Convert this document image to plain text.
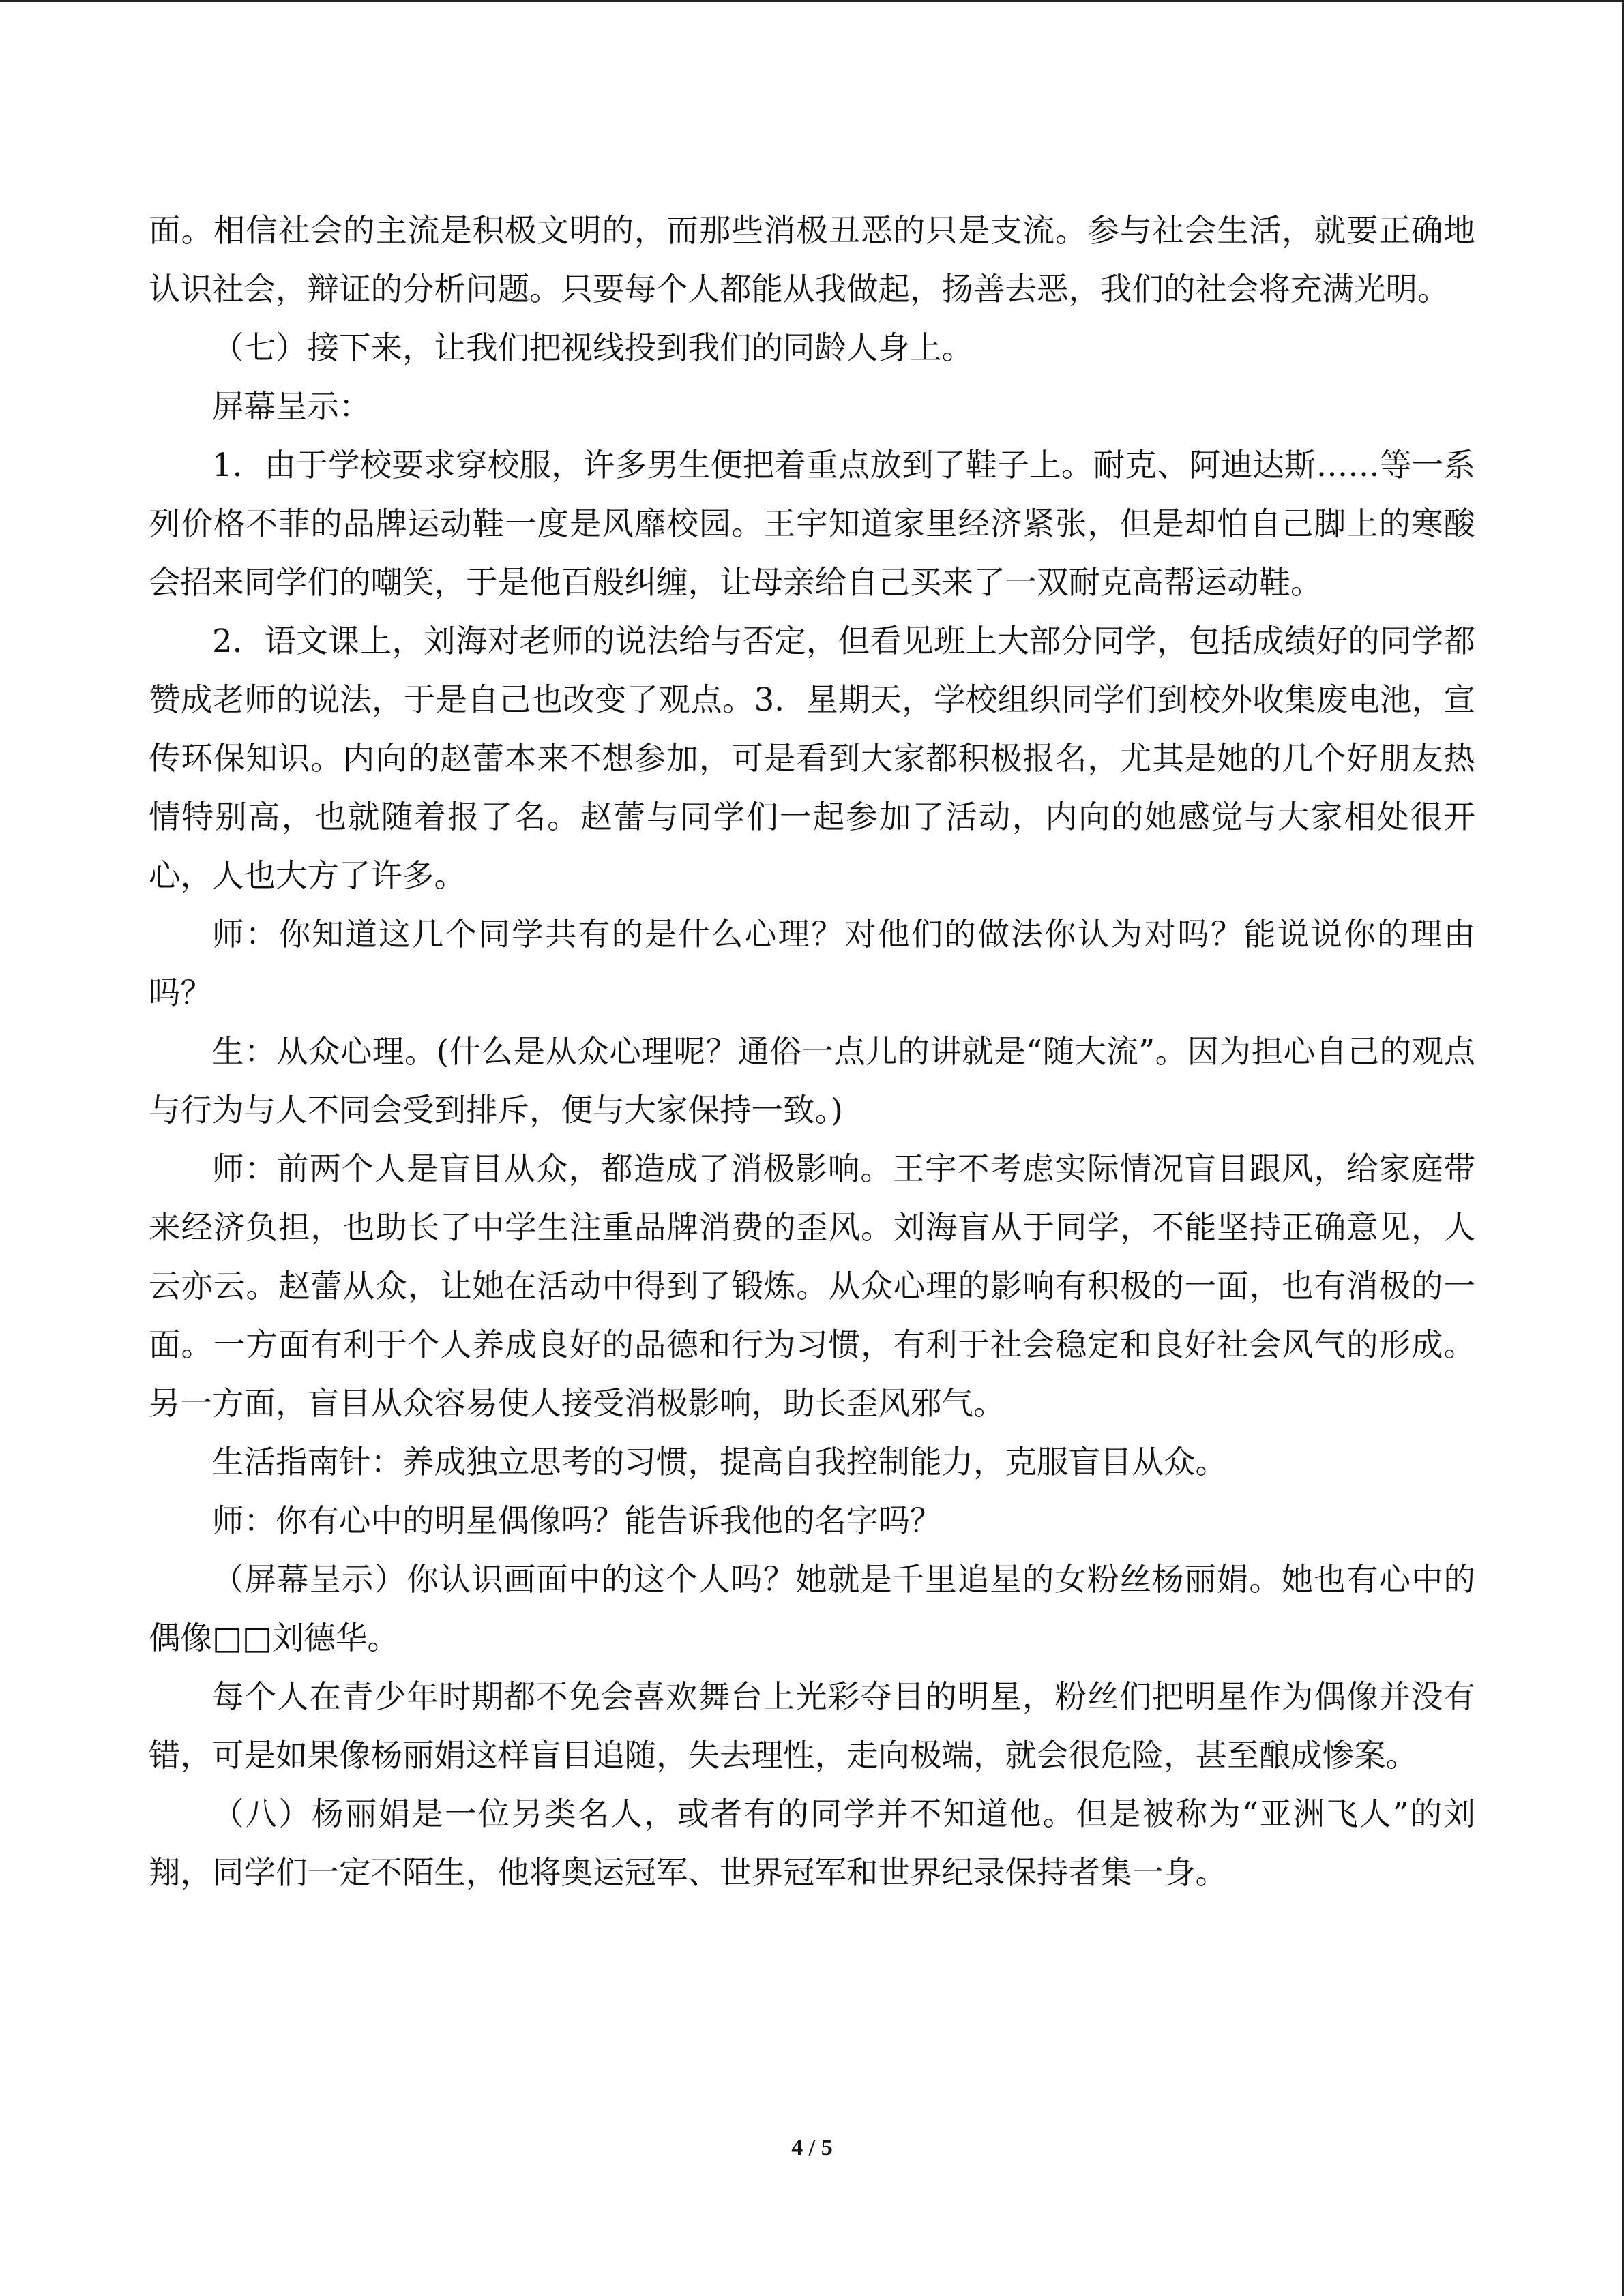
面。相信社会的主流是积极文明的，而那些消极丑恶的只是支流。参与社会生活，就要正确地认识社会，辩证的分析问题。只要每个人都能从我做起，扬善去恶，我们的社会将充满光明。

（七）接下来，让我们把视线投到我们的同龄人身上。

屏幕呈示：

1．由于学校要求穿校服，许多男生便把着重点放到了鞋子上。耐克、阿迪达斯……等一系列价格不菲的品牌运动鞋一度是风靡校园。王宇知道家里经济紧张，但是却怕自己脚上的寒酸会招来同学们的嘲笑，于是他百般纠缠，让母亲给自己买来了一双耐克高帮运动鞋。

2．语文课上，刘海对老师的说法给与否定，但看见班上大部分同学，包括成绩好的同学都赞成老师的说法，于是自己也改变了观点。3．星期天，学校组织同学们到校外收集废电池，宣传环保知识。内向的赵蕾本来不想参加，可是看到大家都积极报名，尤其是她的几个好朋友热情特别高，也就随着报了名。赵蕾与同学们一起参加了活动，内向的她感觉与大家相处很开心，人也大方了许多。

师：你知道这几个同学共有的是什么心理？对他们的做法你认为对吗？能说说你的理由吗？

生：从众心理。(什么是从众心理呢？通俗一点儿的讲就是“随大流”。因为担心自己的观点与行为与人不同会受到排斥，便与大家保持一致。)

师：前两个人是盲目从众，都造成了消极影响。王宇不考虑实际情况盲目跟风，给家庭带来经济负担，也助长了中学生注重品牌消费的歪风。刘海盲从于同学，不能坚持正确意见，人云亦云。赵蕾从众，让她在活动中得到了锻炼。从众心理的影响有积极的一面，也有消极的一面。一方面有利于个人养成良好的品德和行为习惯，有利于社会稳定和良好社会风气的形成。另一方面，盲目从众容易使人接受消极影响，助长歪风邪气。

生活指南针：养成独立思考的习惯，提高自我控制能力，克服盲目从众。

师：你有心中的明星偶像吗？能告诉我他的名字吗？

（屏幕呈示）你认识画面中的这个人吗？她就是千里追星的女粉丝杨丽娟。她也有心中的偶像□□刘德华。

每个人在青少年时期都不免会喜欢舞台上光彩夺目的明星，粉丝们把明星作为偶像并没有错，可是如果像杨丽娟这样盲目追随，失去理性，走向极端，就会很危险，甚至酿成惨案。

（八）杨丽娟是一位另类名人，或者有的同学并不知道他。但是被称为“亚洲飞人”的刘翔，同学们一定不陌生，他将奥运冠军、世界冠军和世界纪录保持者集一身。

4 / 5
